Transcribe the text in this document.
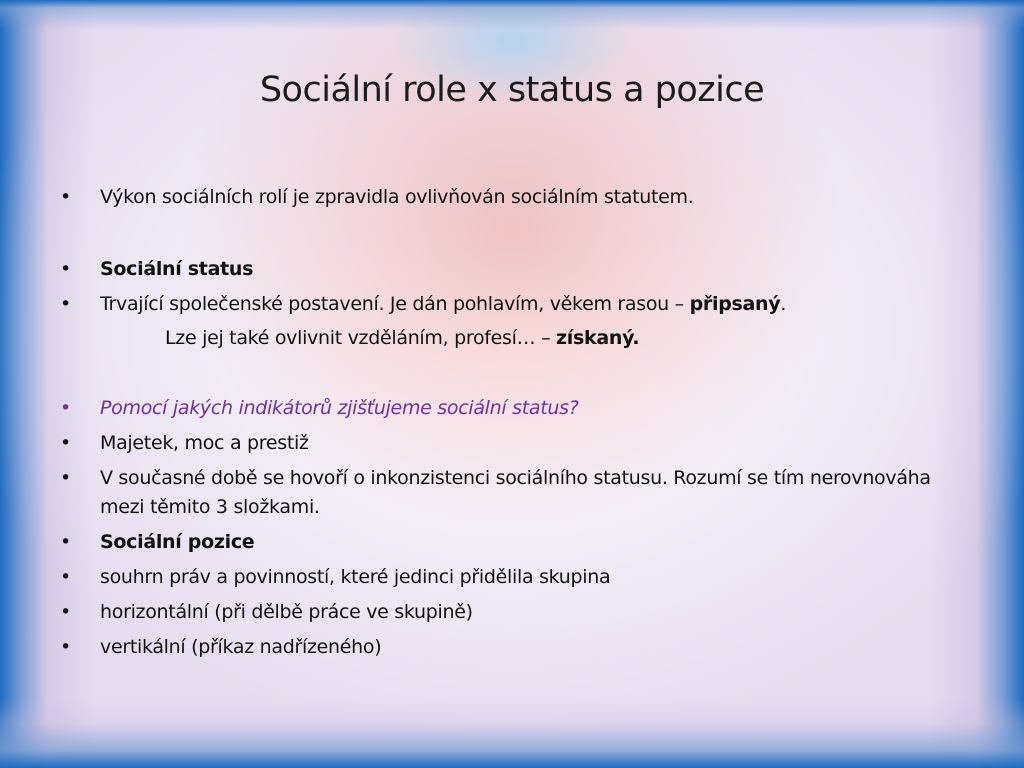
Sociální role x status a pozice
•	Výkon sociálních rolí je zpravidla ovlivňován sociálním statutem.
•	Sociální status
•	Trvající společenské postavení. Je dán pohlavím, věkem rasou – připsaný.
Lze jej také ovlivnit vzděláním, profesí… – získaný.
•	Pomocí jakých indikátorů zjišťujeme sociální status?
•	Majetek, moc a prestiž
•	V současné době se hovoří o inkonzistenci sociálního statusu. Rozumí se tím nerovnováha mezi těmito 3 složkami.
•	Sociální pozice
•	souhrn práv a povinností, které jedinci přidělila skupina
•	horizontální (při dělbě práce ve skupině)
•	vertikální (příkaz nadřízeného)
